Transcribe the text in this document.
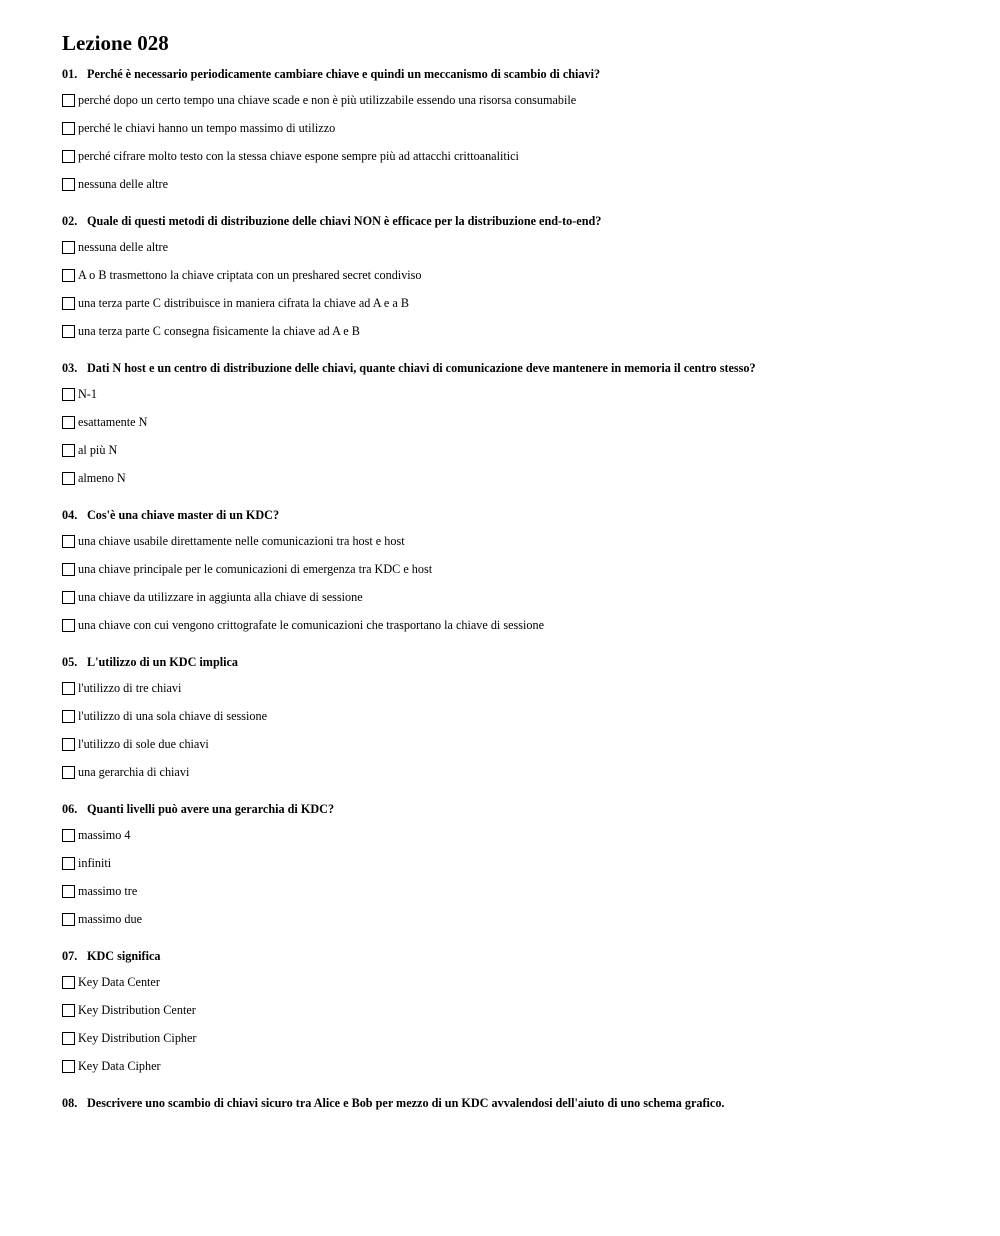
Lezione 028
01. Perché è necessario periodicamente cambiare chiave e quindi un meccanismo di scambio di chiavi?
perché dopo un certo tempo una chiave scade e non è più utilizzabile essendo una risorsa consumabile
perché le chiavi hanno un tempo massimo di utilizzo
perché cifrare molto testo con la stessa chiave espone sempre più ad attacchi crittoanalitici
nessuna delle altre
02. Quale di questi metodi di distribuzione delle chiavi NON è efficace per la distribuzione end-to-end?
nessuna delle altre
A o B trasmettono la chiave criptata con un preshared secret condiviso
una terza parte C distribuisce in maniera cifrata la chiave ad A e a B
una terza parte C consegna fisicamente la chiave ad A e B
03. Dati N host e un centro di distribuzione delle chiavi, quante chiavi di comunicazione deve mantenere in memoria il centro stesso?
N-1
esattamente N
al più N
almeno N
04. Cos'è una chiave master di un KDC?
una chiave usabile direttamente nelle comunicazioni tra host e host
una chiave principale per le comunicazioni di emergenza tra KDC e host
una chiave da utilizzare in aggiunta alla chiave di sessione
una chiave con cui vengono crittografate le comunicazioni che trasportano la chiave di sessione
05. L'utilizzo di un KDC implica
l'utilizzo di tre chiavi
l'utilizzo di una sola chiave di sessione
l'utilizzo di sole due chiavi
una gerarchia di chiavi
06. Quanti livelli può avere una gerarchia di KDC?
massimo 4
infiniti
massimo tre
massimo due
07. KDC significa
Key Data Center
Key Distribution Center
Key Distribution Cipher
Key Data Cipher
08. Descrivere uno scambio di chiavi sicuro tra Alice e Bob per mezzo di un KDC avvalendosi dell'aiuto di uno schema grafico.
